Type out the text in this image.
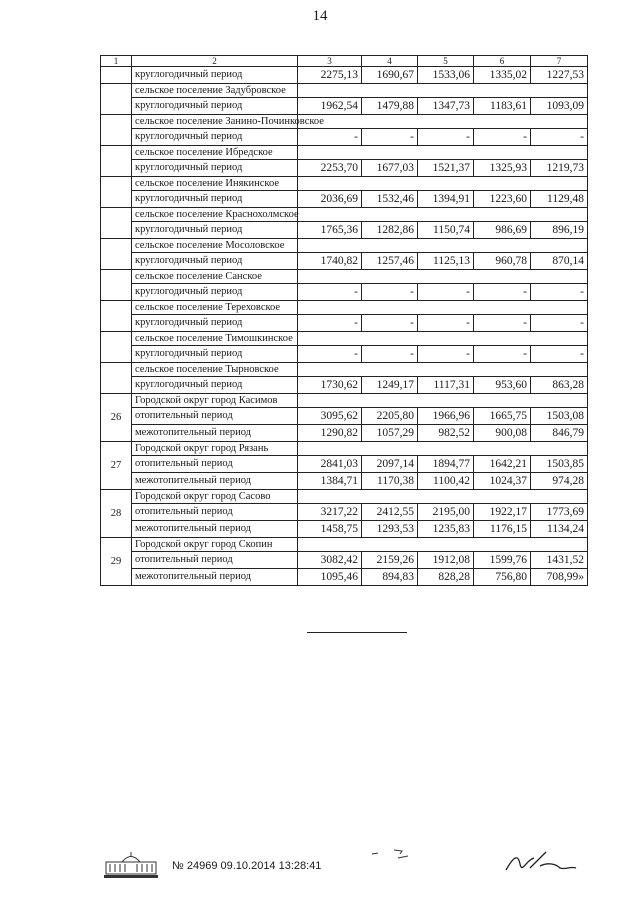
14
1	2	3	4	5	6	7
	круглогодичный период	2275,13	1690,67	1533,06	1335,02	1227,53
	сельское поселение Задубровское					
	круглогодичный период	1962,54	1479,88	1347,73	1183,61	1093,09
	сельское поселение Занино-Починковское					
	круглогодичный период	-	-	-	-	-
	сельское поселение Ибредское					
	круглогодичный период	2253,70	1677,03	1521,37	1325,93	1219,73
	сельское поселение Инякинское					
	круглогодичный период	2036,69	1532,46	1394,91	1223,60	1129,48
	сельское поселение Краснохолмское					
	круглогодичный период	1765,36	1282,86	1150,74	986,69	896,19
	сельское поселение Мосоловское					
	круглогодичный период	1740,82	1257,46	1125,13	960,78	870,14
	сельское поселение Санское					
	круглогодичный период	-	-	-	-	-
	сельское поселение Тереховское					
	круглогодичный период	-	-	-	-	-
	сельское поселение Тимошкинское					
	круглогодичный период	-	-	-	-	-
	сельское поселение Тырновское					
	круглогодичный период	1730,62	1249,17	1117,31	953,60	863,28
26	Городской округ город Касимов					
	отопительный период	3095,62	2205,80	1966,96	1665,75	1503,08
	межотопительный период	1290,82	1057,29	982,52	900,08	846,79
27	Городской округ город Рязань					
	отопительный период	2841,03	2097,14	1894,77	1642,21	1503,85
	межотопительный период	1384,71	1170,38	1100,42	1024,37	974,28
28	Городской округ город Сасово					
	отопительный период	3217,22	2412,55	2195,00	1922,17	1773,69
	межотопительный период	1458,75	1293,53	1235,83	1176,15	1134,24
29	Городской округ город Скопин					
	отопительный период	3082,42	2159,26	1912,08	1599,76	1431,52
	межотопительный период	1095,46	894,83	828,28	756,80	708,99»
№ 24969 09.10.2014 13:28:41
